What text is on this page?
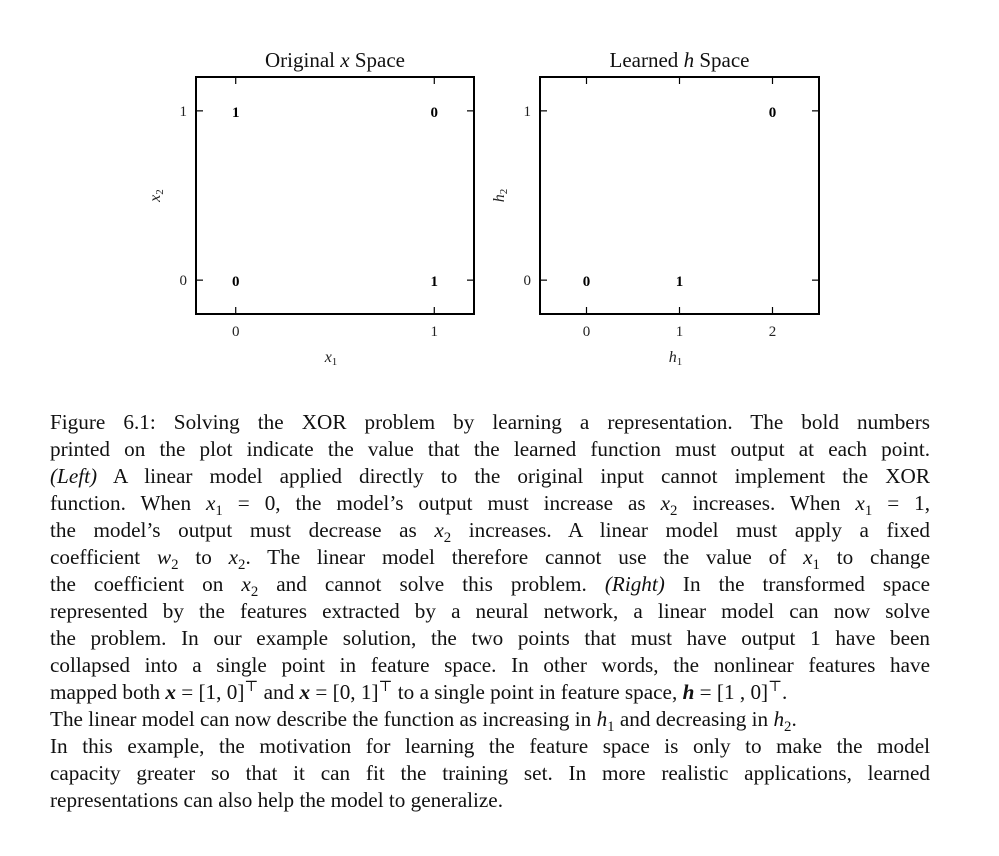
Original x Space
0	1
0
1
x1
x2
1	0
0	1
Learned h Space
0	1	2
0
1
h1
h2
0
0	1
Figure 6.1: Solving the XOR problem by learning a representation. The bold numbers
printed on the plot indicate the value that the learned function must output at each point.
(Left) A linear model applied directly to the original input cannot implement the XOR
function. When $x_1 = 0$, the model’s output must increase as $x_2$ increases. When $x_1 = 1$,
the model’s output must decrease as $x_2$ increases. A linear model must apply a fixed
coefficient $w_2$ to $x_2$. The linear model therefore cannot use the value of $x_1$ to change
the coefficient on $x_2$ and cannot solve this problem. (Right) In the transformed space
represented by the features extracted by a neural network, a linear model can now solve
the problem. In our example solution, the two points that must have output 1 have been
collapsed into a single point in feature space. In other words, the nonlinear features have
mapped both x = [1, 0]⊤ and x = [0, 1]⊤ to a single point in feature space, h = [1 , 0]⊤.
The linear model can now describe the function as increasing in $h_1$ and decreasing in $h_2$.
In this example, the motivation for learning the feature space is only to make the model
capacity greater so that it can fit the training set. In more realistic applications, learned
representations can also help the model to generalize.
